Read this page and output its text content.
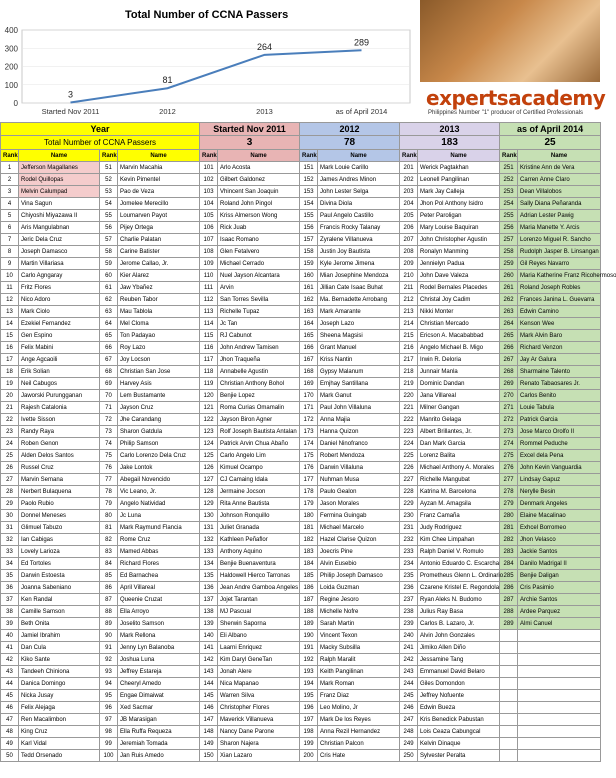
Total Number of CCNA Passers
0
100
200
300
400
Started Nov 2011	2012	2013	as of April 2014
3
81
264	289
expertsacademy
Philippines Number "1" producer of Certified Professionals
Year				Started Nov 2011		2012		2013		as of April 2014	
Total Number of CCNA Passers				3		78		183		25	
Rank	Name	Rank	Name	Rank	Name	Rank	Name	Rank	Name	Rank	Name
1	Jefferson Magallanes	51	Marvin Macahia	101	Arlo Acosta	151	Mark Louie Carillo	201	Werick Pagtakhan	251	Kristine Ann de Vera
2	Rodel Quillopas	52	Kevin Pimentel	102	Gilbert Galdonez	152	James Andres Minon	202	Leonell Pangilinan	252	Carren Anne Claro
3	Melvin Calumpad	53	Pao de Veza	103	Vhincent San Joaquin	153	John Lester Selga	203	Mark Jay Calleja	253	Dean Villalobos
4	Vina Sagun	54	Jomelee Merecillo	104	Roland John Pingol	154	Divina Diola	204	Jhon Pol Anthony Isidro	254	Sally Diana Peñaranda
5	Chiyoshi Miyazawa II	55	Loumarven Payot	105	Kriss Almerson Wong	155	Paul Angelo Castillo	205	Peter Paroligan	255	Adrian Lester Pawig
6	Aris Mangulabnan	56	Pijey Ortega	106	Rick Juab	156	Francis Rocky Talanay	206	Mary Louise Baquiran	256	Maria Manette Y. Arcis
7	Jeric Dela Cruz	57	Charlie Palatan	107	Isaac Romano	157	Zyralene Villanueva	207	John Christopher Agustin	257	Lorenzo Miguel R. Sancho
8	Joseph Damasco	58	Carine Batister	108	Glen Fetalvero	158	Justin Joy Bautista	208	Ronalyn Manming	258	Rudolph Jasper B. Linsangan
9	Martin Villariasa	59	Jerome Callao, Jr.	109	Michael Cerrado	159	Kyle Jerome Jimena	209	Jennielyn Padua	259	Gil Reyes Navarro
10	Carlo Agngaray	60	Kier Alarez	110	Nuel Jayson Alcantara	160	Mian Josephine Mendoza	210	John Dave Valeza	260	Maria Katherine Franz Ricohermoso
11	Fritz Flores	61	Jaw Ybañez	111	Arvin	161	Jillian Cate Isaac Buhat	211	Rodel Bernales Placedes	261	Roland Joseph Robles
12	Nico Adoro	62	Reuben Tabor	112	San Torres Sevilla	162	Ma. Bernadette Arrobang	212	Christal Joy Cadim	262	Frances Janina L. Guevarra
13	Mark Ciolo	63	Mau Tablola	113	Richelle Tupaz	163	Mark Amarante	213	Nikki Monter	263	Edwin Camino
14	Ezekiel Fernandez	64	Mel Cloma	114	Jc Tan	164	Joseph Lazo	214	Christian Mercado	264	Kenson Wee
15	Gen Espino	65	Ton Padayao	115	RJ Cabunot	165	Sheena Magsisi	215	Ericson A. Macababbad	265	Mark Alvin Baro
16	Felix Mabini	66	Roy Lazo	116	John Andrew Tamisen	166	Grant Manuel	216	Angelo Michael B. Migo	266	Richard Venzon
17	Ange Agcaoili	67	Joy Locson	117	Jhon Traqueña	167	Kriss Nantin	217	Irwin R. Deloria	267	Jay Ar Galura
18	Erik Solian	68	Christian San Jose	118	Annabelle Agustin	168	Gypsy Malanum	218	Junnair Manla	268	Sharmaine Talento
19	Neil Cabugos	69	Harvey Asis	119	Christian Anthony Bohol	169	Emjhay Santillana	219	Dominic Dandan	269	Renato Tabaosares Jr.
20	Jaworski Purungganan	70	Lem Bustamante	120	Benjie Lopez	170	Mark Ganut	220	Jana Villareal	270	Carlos Benito
21	Rajesh Catalonia	71	Jayson Cruz	121	Roma Curias Omamalin	171	Paul John Villaluna	221	Milner Gangan	271	Louie Tabula
22	Ivette Sisson	72	Jhe Carandang	122	Jayson Biron Agner	172	Anna Majia	222	Manrito Gelaga	272	Patrick Garcia
23	Randy Raya	73	Sharon Gatdula	123	Rolf Joseph Bautista Antalan	173	Hanna Quizon	223	Albert Brillantes, Jr.	273	Jose Marco Orolfo II
24	Roben Genon	74	Philip Samson	124	Patrick Arvin Chua Abaño	174	Daniel Ninofranco	224	Dan Mark Garcia	274	Rommel Peduche
25	Alden Delos Santos	75	Carlo Lorenzo Dela Cruz	125	Carlo Angelo Lim	175	Robert Mendoza	225	Lorenz Balita	275	Excel dela Pena
26	Russel Cruz	76	Jake Lontok	126	Kimuel Ocampo	176	Darwin Villaluna	226	Michael Anthony A. Morales	276	John Kevin Vanguardia
27	Marvin Semana	77	Abegail Novencido	127	CJ Camaing Idala	177	Nuhman Musa	227	Richelle Mangubat	277	Lindsay Gapuz
28	Nerbert Bulaquena	78	Vic Leano, Jr.	128	Jermaine Jocson	178	Paulo Gealon	228	Katrina M. Barcelona	278	Nerylle Besin
29	Paolo Rubio	79	Angelo Natividad	129	Rita Anne Bautista	179	Jason Morales	229	Ayzan M. Amagsila	279	Denmark Angeles
30	Donnel Meneses	80	Jc Luna	130	Johnson Ronquillo	180	Fermina Guingab	230	Franz Camaña	280	Elaine Macalinao
31	Glimuel Tabuzo	81	Mark Raymund Flancia	131	Juliet Granada	181	Michael Marcelo	231	Judy Rodriguez	281	Exhcel Borromeo
32	Ian Cabigas	82	Rome Cruz	132	Kathleen Peñaflor	182	Hazel Clarise Quizon	232	Kim Chee Limpahan	282	Jhon Velasco
33	Lovely Larioza	83	Mamed Abbas	133	Anthony Aquino	183	Joecris Pine	233	Ralph Daniel V. Romulo	283	Jackie Santos
34	Ed Tortoles	84	Richard Flores	134	Benjie Buenaventura	184	Alvin Eusebio	234	Antonio Eduardo C. Escarcha	284	Danilo Madrigal II
35	Darwin Estoesta	85	Ed Barnachea	135	Haldowell Hierco Tarronas	185	Philip Joseph Damasco	235	Prometheus Glenn L. Ordinario	285	Benjie Daligan
36	Joanna Sabeniano	86	April Villareal	136	Jean Andre Gamboa Angeles	186	Loida Guzman	236	Czarene Kristel E. Regondola	286	Cris Pasimio
37	Ken Randal	87	Queenie Cruzat	137	Jojet Tarantan	187	Regine Jesoro	237	Ryan Aleks N. Budomo	287	Archie Santos
38	Camille Samson	88	Ella Arroyo	138	MJ Pascual	188	Michelle Nofre	238	Julius Ray Basa	288	Ardee Parquez
39	Beth Onita	89	Joselito Samson	139	Sherwin Saporna	189	Sarah Martin	239	Carlos B. Lazaro, Jr.	289	Almi Canuel
40	Jamiel Ibrahim	90	Mark Rellona	140	Eli Albano	190	Vincent Texon	240	Alvin John Gonzales		
41	Dan Cula	91	Jenny Lyn Balanoba	141	Laarni Enriquez	191	Macky Subsilla	241	Jimiko Allen Diño		
42	Kiko Sante	92	Joshua Luna	142	Kim Daryl GeneTan	192	Ralph Maralit	242	Jessamine Tang		
43	Tandeeh Chiniona	93	Jeffrey Estareja	143	Jonah Alere	193	Keith Pangilinan	243	Emmanuel David Belaro		
44	Danica Domingo	94	Cheeryl Amedo	144	Nica Mapanao	194	Mark Roman	244	Giles Domondon		
45	Nicka Jusay	95	Engae Dimaiwat	145	Warren Silva	195	Franz Diaz	245	Jeffrey Nofuente		
46	Felix Alejaga	96	Xed Sacmar	146	Christopher Flores	196	Leo Molino, Jr	246	Edwin Bueza		
47	Ren Macalimbon	97	JB Marasigan	147	Maverick Villanueva	197	Mark De los Reyes	247	Kris Benedick Pabustan		
48	King Cruz	98	Ella Ruffa Requeza	148	Nancy Dane Parone	198	Anna Rezil Hernandez	248	Lois Ceaza Cabungcal		
49	Karl Vidal	99	Jeremiah Tomada	149	Sharon Najera	199	Christian Palcon	249	Kelvin Dinaque		
50	Tedd Orsenado	100	Jan Ruis Amedo	150	Xian Lazaro	200	Cris Hate	250	Sylvester Peralta		
